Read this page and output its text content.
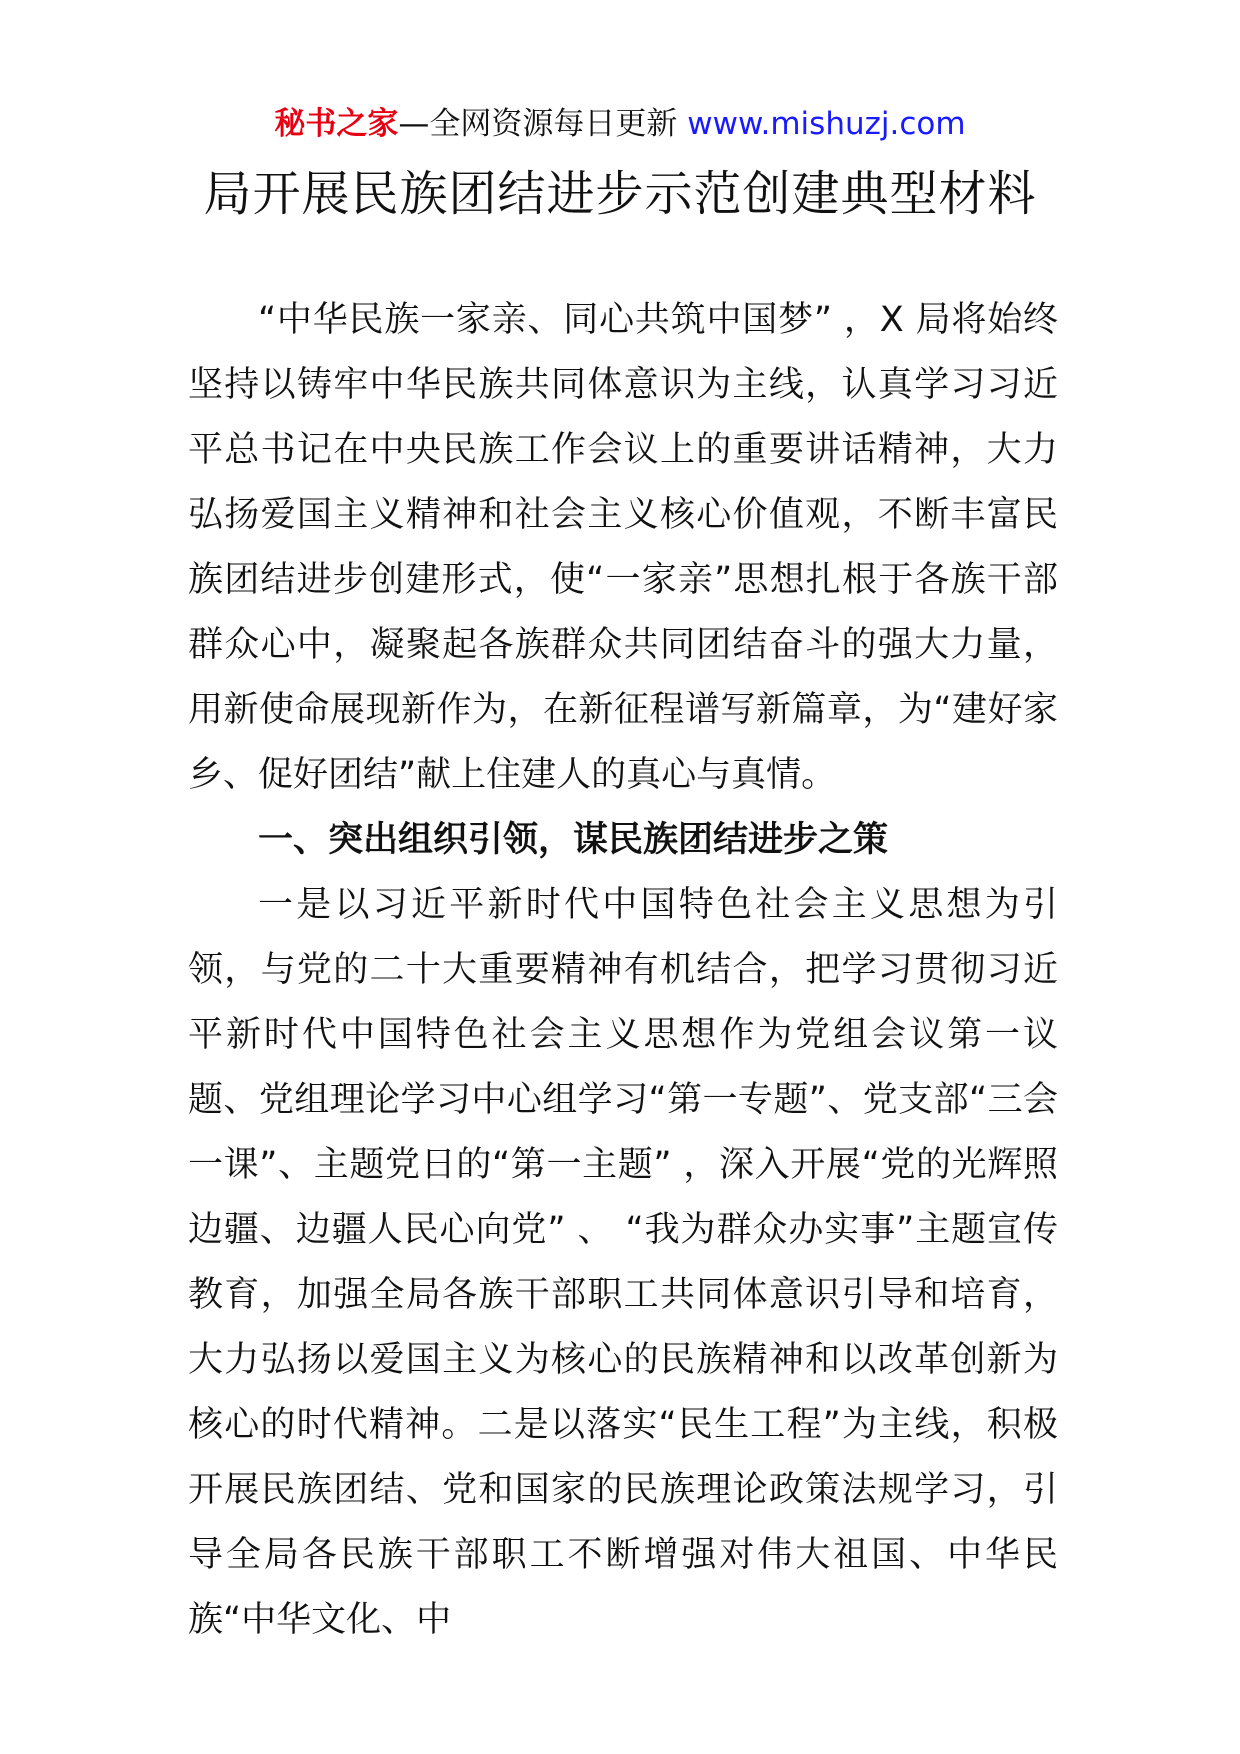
秘书之家—全网资源每日更新 www.mishuzj.com
局开展民族团结进步示范创建典型材料

“中华民族一家亲、同心共筑中国梦” ，X 局将始终坚持以铸牢中华民族共同体意识为主线，认真学习习近平总书记在中央民族工作会议上的重要讲话精神，大力弘扬爱国主义精神和社会主义核心价值观，不断丰富民族团结进步创建形式，使“一家亲”思想扎根于各族干部群众心中，凝聚起各族群众共同团结奋斗的强大力量，用新使命展现新作为，在新征程谱写新篇章，为“建好家乡、促好团结”献上住建人的真心与真情。

一、突出组织引领，谋民族团结进步之策

一是以习近平新时代中国特色社会主义思想为引领，与党的二十大重要精神有机结合，把学习贯彻习近平新时代中国特色社会主义思想作为党组会议第一议题、党组理论学习中心组学习“第一专题”、党支部“三会一课”、主题党日的“第一主题” ，深入开展“党的光辉照边疆、边疆人民心向党” 、 “我为群众办实事”主题宣传教育，加强全局各族干部职工共同体意识引导和培育，大力弘扬以爱国主义为核心的民族精神和以改革创新为核心的时代精神。二是以落实“民生工程”为主线，积极开展民族团结、党和国家的民族理论政策法规学习，引导全局各民族干部职工不断增强对伟大祖国、中华民族“中华文化、中
